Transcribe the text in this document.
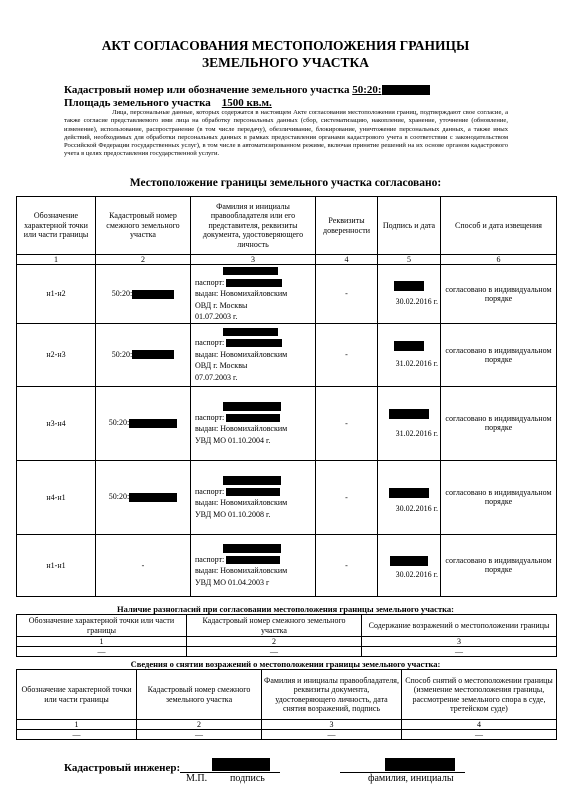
АКТ СОГЛАСОВАНИЯ МЕСТОПОЛОЖЕНИЯ ГРАНИЦЫ
ЗЕМЕЛЬНОГО УЧАСТКА
Кадастровый номер или обозначение земельного участка 50:20:
Площадь земельного участка 1500 кв.м.
Лица, персональные данные, которых содержатся в настоящем Акте согласования местоположения границ, подтверждают свое согласие, а также согласие представляемого ими лица на обработку персональных данных (сбор, систематизацию, накопление, хранение, уточнение (обновление, изменение), использование, распространение (в том числе передачу), обезличивание, блокирование, уничтожение персональных данных, а также иных действий, необходимых для обработки персональных данных в рамках предоставления органами кадастрового учета в соответствии с законодательством Российской Федерации государственных услуг), в том числе в автоматизированном режиме, включая принятие решений на их основе органом кадастрового учета в целях предоставления государственной услуги.
Местоположение границы земельного участка согласовано:
Обозначение характерной точки или части границы	Кадастровый номер смежного земельного участка	Фамилия и инициалы правообладателя или его представителя, реквизиты документа, удостоверяющего личность	Реквизиты доверенности	Подпись и дата	Способ и дата извещения
1	2	3	4	5	6
н1-н2	50:20:	паспорт:
выдан: Новомихайловским
ОВД г. Москвы
01.07.2003 г.	-	30.02.2016 г.	согласовано в индивидуальном порядке
н2-н3	50:20:	паспорт:
выдан: Новомихайловским
ОВД г. Москвы
07.07.2003 г.	-	31.02.2016 г.	согласовано в индивидуальном порядке
н3-н4	50:20:	паспорт:
выдан: Новомихайловским
УВД МО 01.10.2004 г.	-	31.02.2016 г.	согласовано в индивидуальном порядке
н4-н1	50:20:	паспорт:
выдан: Новомихайловским
УВД МО 01.10.2008 г.	-	30.02.2016 г.	согласовано в индивидуальном порядке
н1-н1	-	паспорт:
выдан: Новомихайловским
УВД МО 01.04.2003 г	-	30.02.2016 г.	согласовано в индивидуальном порядке
Наличие разногласий при согласовании местоположения границы земельного участка:
Обозначение характерной точки или части границы	Кадастровый номер смежного земельного участка	Содержание возражений о местоположении границы
1	2	3
—	—	—
Сведения о снятии возражений о местоположении границы земельного участка:
Обозначение характерной точки или части границы	Кадастровый номер смежного земельного участка	Фамилия и инициалы правообладателя, реквизиты документа, удостоверяющего личность, дата снятия возражений, подпись	Способ снятий о местоположении границы (изменение местоположения границы, рассмотрение земельного спора в суде, третейском суде)
1	2	3	4
—	—	—	—
Кадастровый инженер:
М.П. подпись	фамилия, инициалы
